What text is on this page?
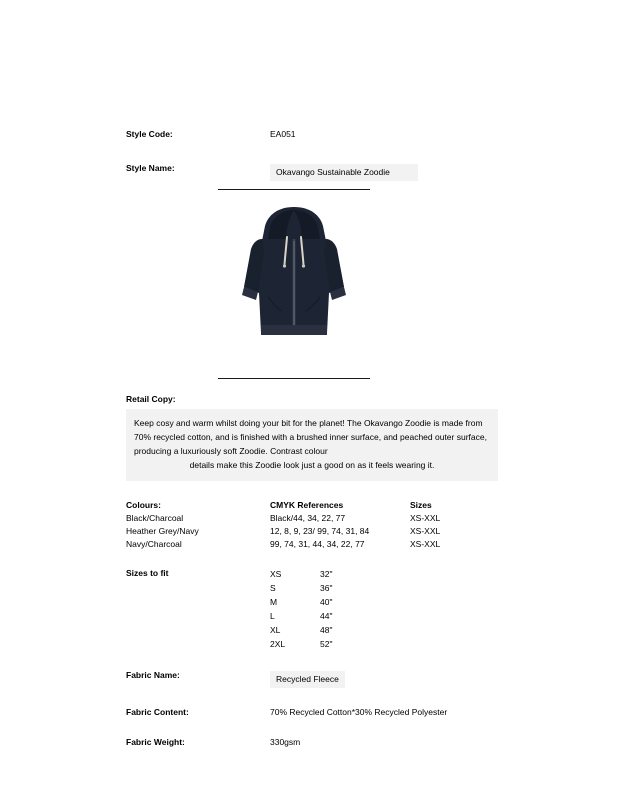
Style Code:	EA051
Style Name:	Okavango Sustainable Zoodie
Retail Copy:
Keep cosy and warm whilst doing your bit for the planet! The Okavango Zoodie is made from 70% recycled cotton, and is finished with a brushed inner surface, and peached outer surface, producing a luxuriously soft Zoodie. Contrast colour
details make this Zoodie look just a good on as it feels wearing it.
Colours:	CMYK References	Sizes
Black/Charcoal	Black/44, 34, 22, 77	XS-XXL
Heather Grey/Navy	12, 8, 9, 23/ 99, 74, 31, 84	XS-XXL
Navy/Charcoal	99, 74, 31, 44, 34, 22, 77	XS-XXL
Sizes to fit	XS	32"
S	36"
M	40"
L	44"
XL	48"
2XL	52"
Fabric Name:	Recycled Fleece
Fabric Content:	70% Recycled Cotton*30% Recycled Polyester
Fabric Weight:	330gsm
